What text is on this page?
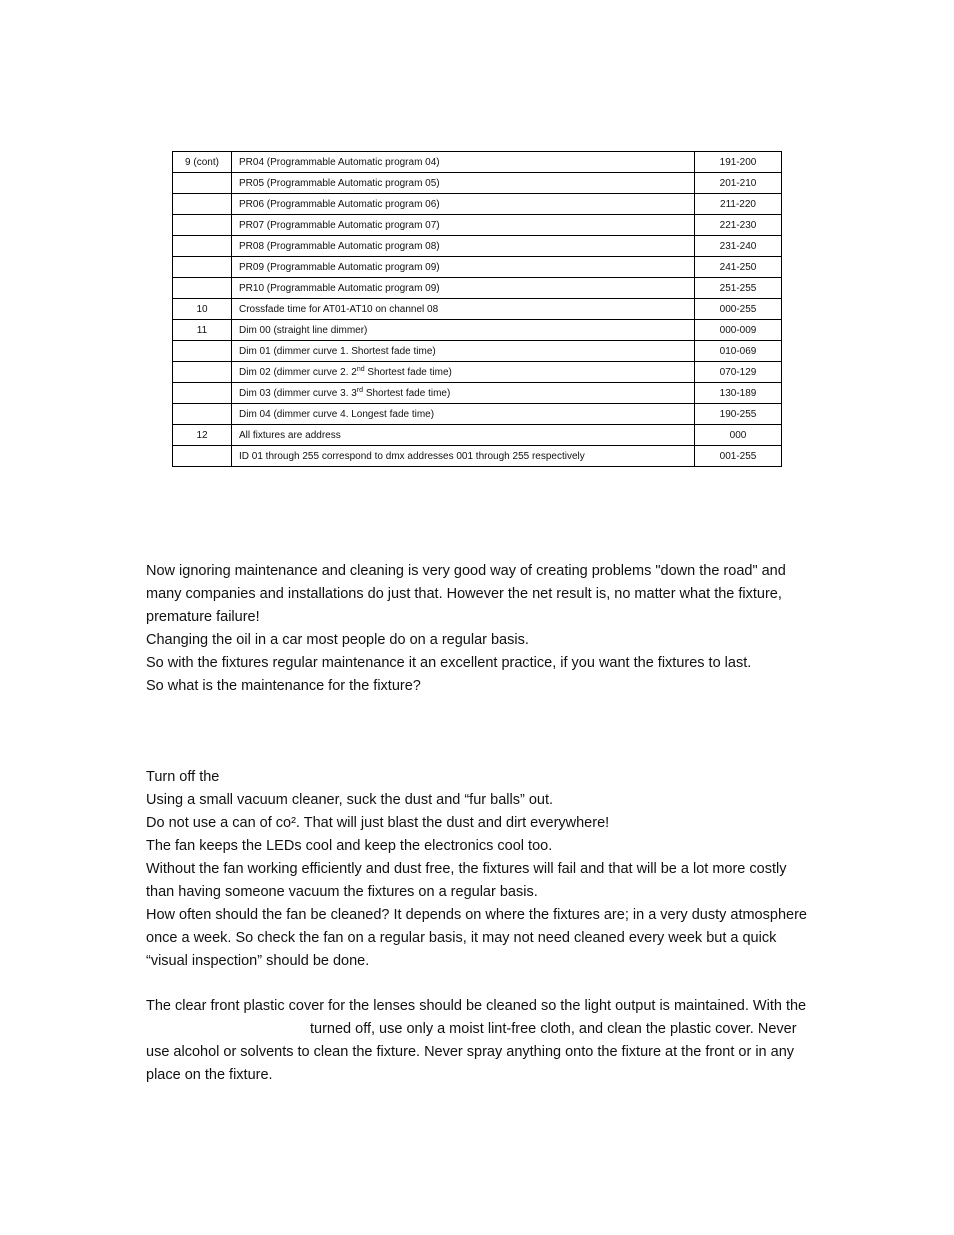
9 (cont)	PR04 (Programmable Automatic program 04)	191-200
	PR05 (Programmable Automatic program 05)	201-210
	PR06 (Programmable Automatic program 06)	211-220
	PR07 (Programmable Automatic program 07)	221-230
	PR08 (Programmable Automatic program 08)	231-240
	PR09 (Programmable Automatic program 09)	241-250
	PR10 (Programmable Automatic program 09)	251-255
10	Crossfade time for AT01-AT10 on channel 08	000-255
11	Dim 00 (straight line dimmer)	000-009
	Dim 01 (dimmer curve 1. Shortest fade time)	010-069
	Dim 02 (dimmer curve 2. 2nd Shortest fade time)	070-129
	Dim 03 (dimmer curve 3. 3rd Shortest fade time)	130-189
	Dim 04 (dimmer curve 4. Longest fade time)	190-255
12	All fixtures are address	000
	ID 01 through 255 correspond to dmx addresses 001 through 255 respectively	001-255

Now ignoring maintenance and cleaning is very good way of creating problems "down the road" and many companies and installations do just that. However the net result is, no matter what the fixture, premature failure!

Changing the oil in a car most people do on a regular basis.

So with the fixtures regular maintenance it an excellent practice, if you want the fixtures to last.

So what is the maintenance for the fixture?

Turn off the

Using a small vacuum cleaner, suck the dust and “fur balls” out.

Do not use a can of co². That will just blast the dust and dirt everywhere!

The fan keeps the LEDs cool and keep the electronics cool too.

Without the fan working efficiently and dust free, the fixtures will fail and that will be a lot more costly than having someone vacuum the fixtures on a regular basis.

How often should the fan be cleaned? It depends on where the fixtures are; in a very dusty atmosphere once a week. So check the fan on a regular basis, it may not need cleaned every week but a quick “visual inspection” should be done.

The clear front plastic cover for the lenses should be cleaned so the light output is maintained. With the

turned off, use only a moist lint-free cloth, and clean the plastic cover. Never

use alcohol or solvents to clean the fixture. Never spray anything onto the fixture at the front or in any place on the fixture.
